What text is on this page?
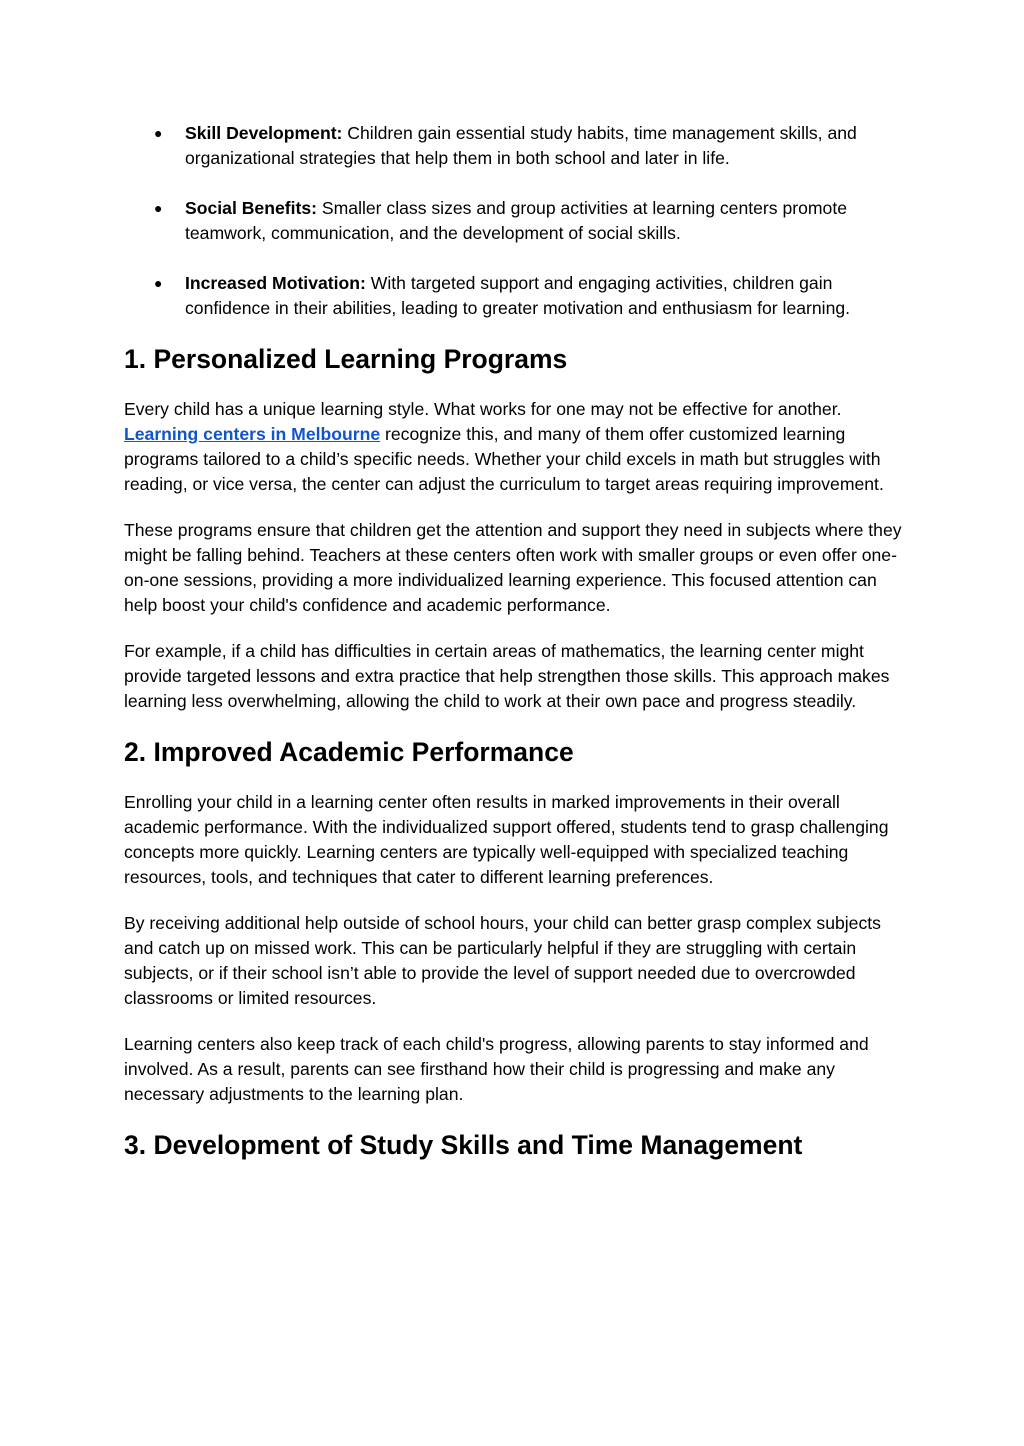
● Skill Development: Children gain essential study habits, time management skills, and organizational strategies that help them in both school and later in life.
● Social Benefits: Smaller class sizes and group activities at learning centers promote teamwork, communication, and the development of social skills.
● Increased Motivation: With targeted support and engaging activities, children gain confidence in their abilities, leading to greater motivation and enthusiasm for learning.
1. Personalized Learning Programs

Every child has a unique learning style. What works for one may not be effective for another. Learning centers in Melbourne recognize this, and many of them offer customized learning programs tailored to a child’s specific needs. Whether your child excels in math but struggles with reading, or vice versa, the center can adjust the curriculum to target areas requiring improvement.

These programs ensure that children get the attention and support they need in subjects where they might be falling behind. Teachers at these centers often work with smaller groups or even offer one-on-one sessions, providing a more individualized learning experience. This focused attention can help boost your child's confidence and academic performance.

For example, if a child has difficulties in certain areas of mathematics, the learning center might provide targeted lessons and extra practice that help strengthen those skills. This approach makes learning less overwhelming, allowing the child to work at their own pace and progress steadily.

2. Improved Academic Performance

Enrolling your child in a learning center often results in marked improvements in their overall academic performance. With the individualized support offered, students tend to grasp challenging concepts more quickly. Learning centers are typically well-equipped with specialized teaching resources, tools, and techniques that cater to different learning preferences.

By receiving additional help outside of school hours, your child can better grasp complex subjects and catch up on missed work. This can be particularly helpful if they are struggling with certain subjects, or if their school isn’t able to provide the level of support needed due to overcrowded classrooms or limited resources.

Learning centers also keep track of each child's progress, allowing parents to stay informed and involved. As a result, parents can see firsthand how their child is progressing and make any necessary adjustments to the learning plan.

3. Development of Study Skills and Time Management
